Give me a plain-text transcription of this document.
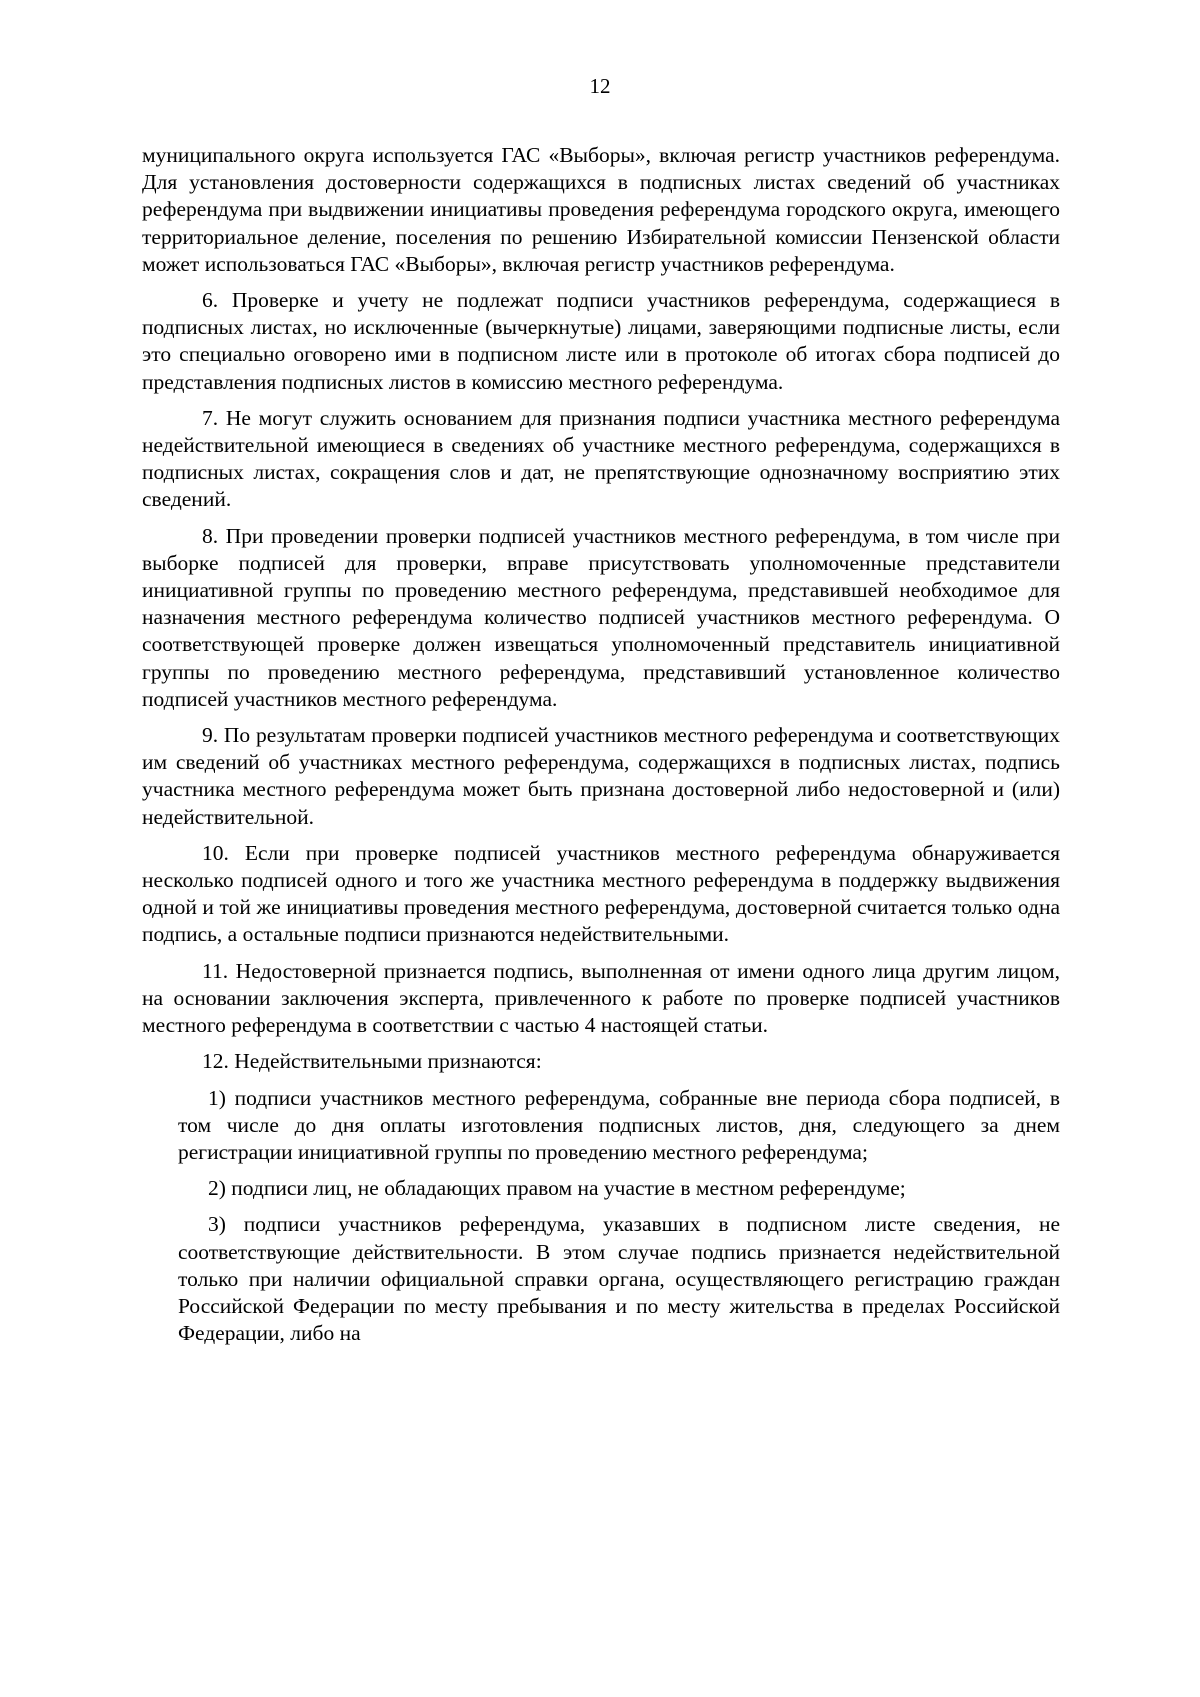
12

муниципального округа используется ГАС «Выборы», включая регистр участников референдума. Для установления достоверности содержащихся в подписных листах сведений об участниках референдума при выдвижении инициативы проведения референдума городского округа, имеющего территориальное деление, поселения по решению Избирательной комиссии Пензенской области может использоваться ГАС «Выборы», включая регистр участников референдума.

6. Проверке и учету не подлежат подписи участников референдума, содержащиеся в подписных листах, но исключенные (вычеркнутые) лицами, заверяющими подписные листы, если это специально оговорено ими в подписном листе или в протоколе об итогах сбора подписей до представления подписных листов в комиссию местного референдума.

7. Не могут служить основанием для признания подписи участника местного референдума недействительной имеющиеся в сведениях об участнике местного референдума, содержащихся в подписных листах, сокращения слов и дат, не препятствующие однозначному восприятию этих сведений.

8. При проведении проверки подписей участников местного референдума, в том числе при выборке подписей для проверки, вправе присутствовать уполномоченные представители инициативной группы по проведению местного референдума, представившей необходимое для назначения местного референдума количество подписей участников местного референдума. О соответствующей проверке должен извещаться уполномоченный представитель инициативной группы по проведению местного референдума, представивший установленное количество подписей участников местного референдума.

9. По результатам проверки подписей участников местного референдума и соответствующих им сведений об участниках местного референдума, содержащихся в подписных листах, подпись участника местного референдума может быть признана достоверной либо недостоверной и (или) недействительной.

10. Если при проверке подписей участников местного референдума обнаруживается несколько подписей одного и того же участника местного референдума в поддержку выдвижения одной и той же инициативы проведения местного референдума, достоверной считается только одна подпись, а остальные подписи признаются недействительными.

11. Недостоверной признается подпись, выполненная от имени одного лица другим лицом, на основании заключения эксперта, привлеченного к работе по проверке подписей участников местного референдума в соответствии с частью 4 настоящей статьи.

12. Недействительными признаются:

1) подписи участников местного референдума, собранные вне периода сбора подписей, в том числе до дня оплаты изготовления подписных листов, дня, следующего за днем регистрации инициативной группы по проведению местного референдума;

2) подписи лиц, не обладающих правом на участие в местном референдуме;

3) подписи участников референдума, указавших в подписном листе сведения, не соответствующие действительности. В этом случае подпись признается недействительной только при наличии официальной справки органа, осуществляющего регистрацию граждан Российской Федерации по месту пребывания и по месту жительства в пределах Российской Федерации, либо на
